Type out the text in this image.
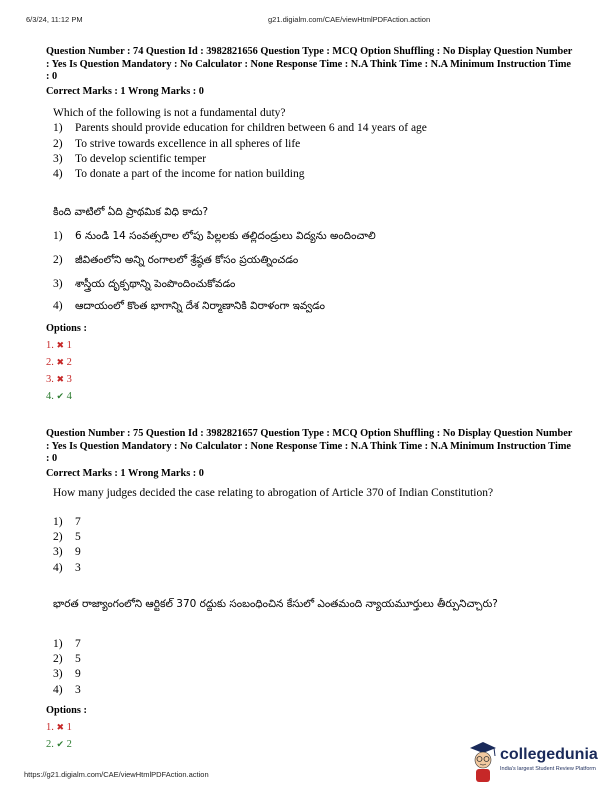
6/3/24, 11:12 PM	g21.digialm.com/CAE/viewHtmlPDFAction.action
Question Number : 74 Question Id : 3982821656 Question Type : MCQ Option Shuffling : No Display Question Number : Yes Is Question Mandatory : No Calculator : None Response Time : N.A Think Time : N.A Minimum Instruction Time : 0
Correct Marks : 1 Wrong Marks : 0
Which of the following is not a fundamental duty?
1) Parents should provide education for children between 6 and 14 years of age
2) To strive towards excellence in all spheres of life
3) To develop scientific temper
4) To donate a part of the income for nation building
కింది వాటిలో ఏది ప్రాథమిక విధి కాదు?
1) 6 నుండి 14 సంవత్సరాల లోపు పిల్లలకు తల్లిదండ్రులు విద్యను అందించాలి
2) జీవితంలోని అన్ని రంగాలలో శ్రేష్ఠత కోసం ప్రయత్నించడం
3) శాస్త్రీయ దృక్పథాన్ని పెంపొందించుకోవడం
4) ఆదాయంలో కొంత భాగాన్ని దేశ నిర్మాణానికి విరాళంగా ఇవ్వడం
Options :
1. ✖ 1
2. ✖ 2
3. ✖ 3
4. ✔ 4
Question Number : 75 Question Id : 3982821657 Question Type : MCQ Option Shuffling : No Display Question Number : Yes Is Question Mandatory : No Calculator : None Response Time : N.A Think Time : N.A Minimum Instruction Time : 0
Correct Marks : 1 Wrong Marks : 0
How many judges decided the case relating to abrogation of Article 370 of Indian Constitution?
1) 7
2) 5
3) 9
4) 3
భారత రాజ్యాంగంలోని ఆర్టికల్ 370 రద్దుకు సంబంధించిన కేసులో ఎంతమంది న్యాయమూర్తులు తీర్పునిచ్చారు?
1) 7
2) 5
3) 9
4) 3
Options :
1. ✖ 1
2. ✔ 2
https://g21.digialm.com/CAE/viewHtmlPDFAction.action
collegedunia
India's largest Student Review Platform
